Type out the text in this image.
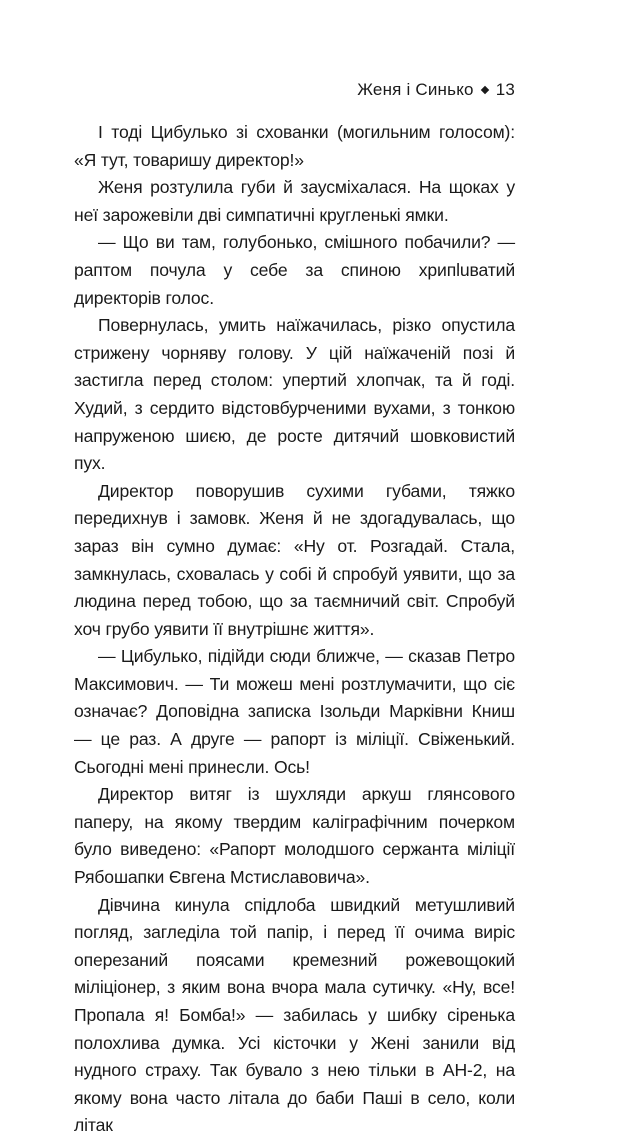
Женя і Синько 13

І тоді Цибулько зі схованки (могильним голосом): «Я тут, товаришу директор!»

Женя розтулила губи й заусміхалася. На щоках у неї зарожевіли дві симпатичні кругленькі ямки.

— Що ви там, голубонько, смішного побачили? — раптом почула у себе за спиною хрипluватий директорів голос.

Повернулась, умить наїжачилась, різко опустила стрижену чорняву голову. У цій наїжаченій позі й застигла перед столом: упертий хлопчак, та й годі. Худий, з сердито відстовбурченими вухами, з тонкою напруженою шиєю, де росте дитячий шовковистий пух.

Директор поворушив сухими губами, тяжко передихнув і замовк. Женя й не здогадувалась, що зараз він сумно думає: «Ну от. Розгадай. Стала, замкнулась, сховалась у собі й спробуй уявити, що за людина перед тобою, що за таємничий світ. Спробуй хоч грубо уявити її внутрішнє життя».

— Цибулько, підійди сюди ближче, — сказав Петро Максимович. — Ти можеш мені розтлумачити, що сіє означає? Доповідна записка Ізольди Марківни Книш — це раз. А друге — рапорт із міліції. Свіженький. Сьогодні мені принесли. Ось!

Директор витяг із шухляди аркуш глянсового паперу, на якому твердим каліграфічним почерком було виведено: «Рапорт молодшого сержанта міліції Рябошапки Євгена Мстиславовича».

Дівчина кинула спідлоба швидкий метушливий погляд, загледіла той папір, і перед її очима виріс оперезаний поясами кремезний рожевощокий міліціонер, з яким вона вчора мала сутичку. «Ну, все! Пропала я! Бомба!» — забилась у шибку сіренька полохлива думка. Усі кісточки у Жені занили від нудного страху. Так бувало з нею тільки в АН-2, на якому вона часто літала до баби Паші в село, коли літак
